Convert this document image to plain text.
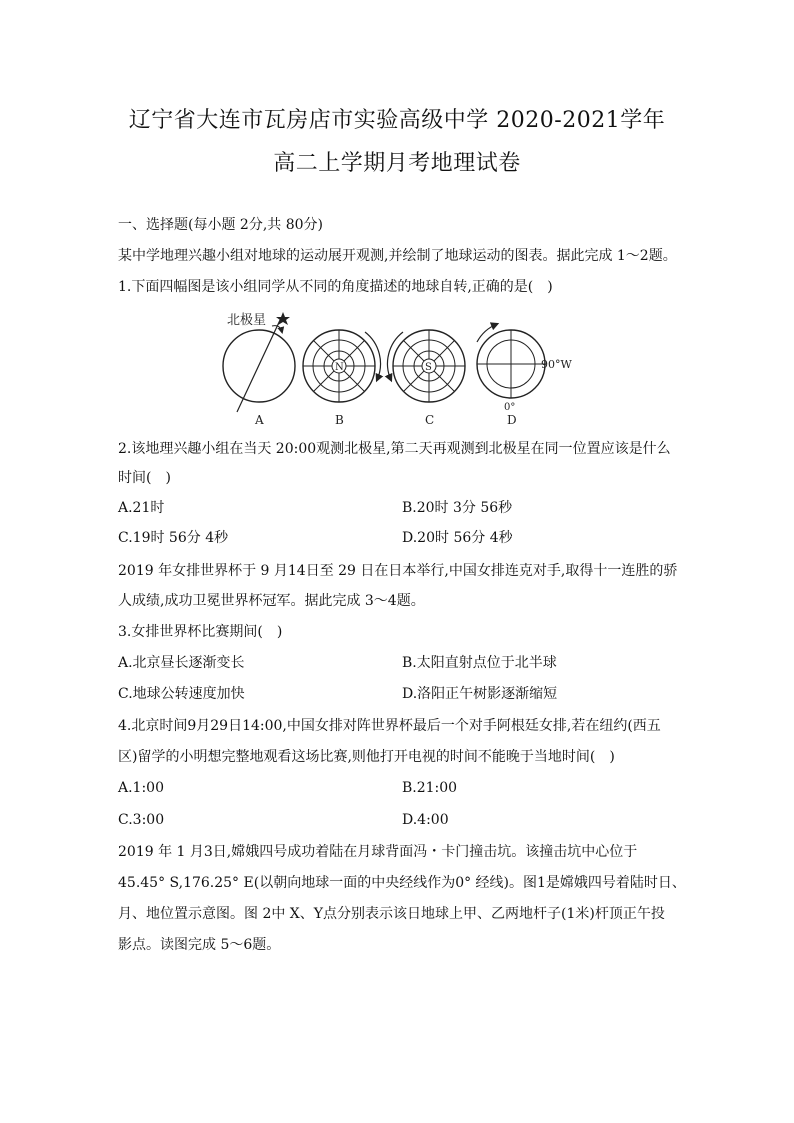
辽宁省大连市瓦房店市实验高级中学 2020-2021学年
高二上学期月考地理试卷
一、选择题(每小题 2分,共 80分)
某中学地理兴趣小组对地球的运动展开观测,并绘制了地球运动的图表。据此完成 1～2题。
1.下面四幅图是该小组同学从不同的角度描述的地球自转,正确的是(　)
北极星
A
N
B
S
C
90°W
0°
D
2.该地理兴趣小组在当天 20:00观测北极星,第二天再观测到北极星在同一位置应该是什么
时间(　)
A.21时	B.20时 3分 56秒
C.19时 56分 4秒	D.20时 56分 4秒
2019 年女排世界杯于 9 月14日至 29 日在日本举行,中国女排连克对手,取得十一连胜的骄
人成绩,成功卫冕世界杯冠军。据此完成 3～4题。
3.女排世界杯比赛期间(　)
A.北京昼长逐渐变长	B.太阳直射点位于北半球
C.地球公转速度加快	D.洛阳正午树影逐渐缩短
4.北京时间9月29日14:00,中国女排对阵世界杯最后一个对手阿根廷女排,若在纽约(西五
区)留学的小明想完整地观看这场比赛,则他打开电视的时间不能晚于当地时间(　)
A.1:00	B.21:00
C.3:00	D.4:00
2019 年 1 月3日,嫦娥四号成功着陆在月球背面冯・卡门撞击坑。该撞击坑中心位于
45.45° S,176.25° E(以朝向地球一面的中央经线作为0° 经线)。图1是嫦娥四号着陆时日、
月、地位置示意图。图 2中 X、Y点分别表示该日地球上甲、乙两地杆子(1米)杆顶正午投
影点。读图完成 5～6题。
